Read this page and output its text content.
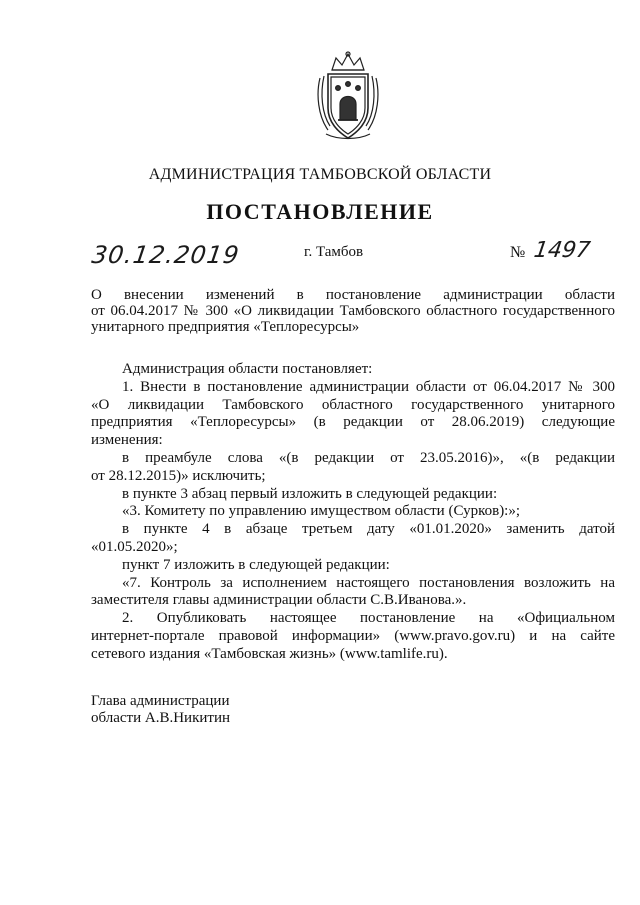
АДМИНИСТРАЦИЯ ТАМБОВСКОЙ ОБЛАСТИ
ПОСТАНОВЛЕНИЕ
30.12.2019	г. Тамбов	№ 1497
О внесении изменений в постановление администрации области
от 06.04.2017 № 300 «О ликвидации Тамбовского областного государственного
унитарного предприятия «Теплоресурсы»

Администрация области постановляет:

1. Внести в постановление администрации области от 06.04.2017 № 300

«О ликвидации Тамбовского областного государственного унитарного

предприятия «Теплоресурсы» (в редакции от 28.06.2019) следующие

изменения:

в преамбуле слова «(в редакции от 23.05.2016)», «(в редакции

от 28.12.2015)» исключить;

в пункте 3 абзац первый изложить в следующей редакции:

«3. Комитету по управлению имуществом области (Сурков):»;

в пункте 4 в абзаце третьем дату «01.01.2020» заменить датой

«01.05.2020»;

пункт 7 изложить в следующей редакции:

«7. Контроль за исполнением настоящего постановления возложить на

заместителя главы администрации области С.В.Иванова.».

2. Опубликовать настоящее постановление на «Официальном

интернет-портале правовой информации» (www.pravo.gov.ru) и на сайте

сетевого издания «Тамбовская жизнь» (www.tamlife.ru).

Глава администрации
области А.В.Никитин
